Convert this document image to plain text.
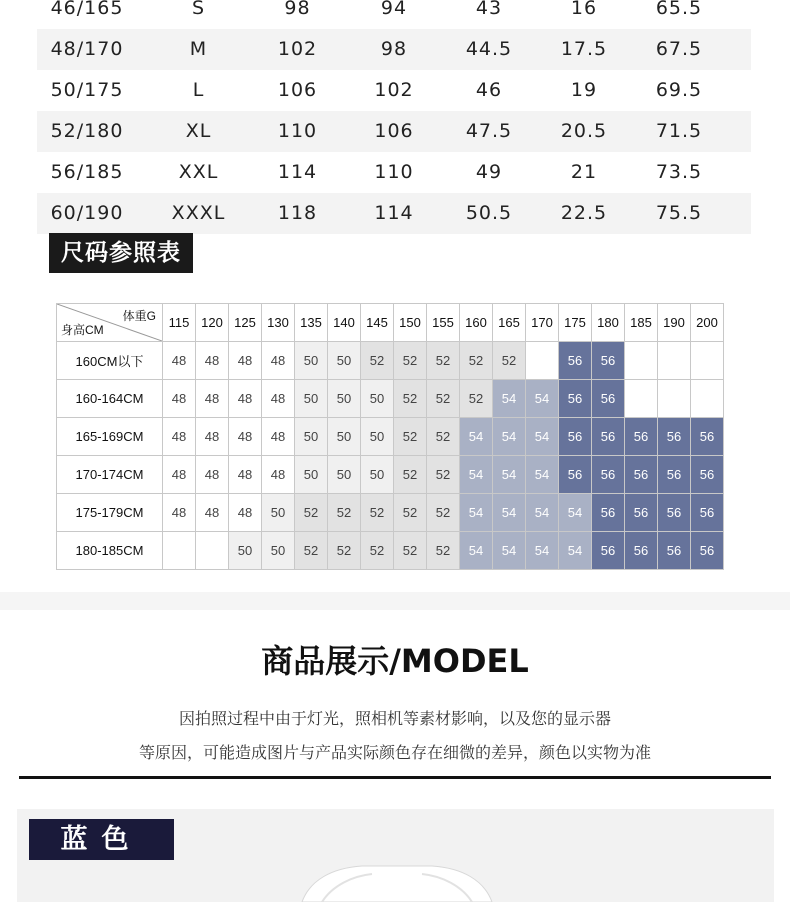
46/165	S	98	94	43	16	65.5
48/170	M	102	98	44.5	17.5	67.5
50/175	L	106	102	46	19	69.5
52/180	XL	110	106	47.5	20.5	71.5
56/185	XXL	114	110	49	21	73.5
60/190	XXXL	118	114	50.5	22.5	75.5
尺码参照表
体重G
身高CM	115	120	125	130	135	140	145	150	155	160	165	170	175	180	185	190	200
160CM以下	48	48	48	48	50	50	52	52	52	52	52		56	56			
160-164CM	48	48	48	48	50	50	50	52	52	52	54	54	56	56			
165-169CM	48	48	48	48	50	50	50	52	52	54	54	54	56	56	56	56	56
170-174CM	48	48	48	48	50	50	50	52	52	54	54	54	56	56	56	56	56
175-179CM	48	48	48	50	52	52	52	52	52	54	54	54	54	56	56	56	56
180-185CM			50	50	52	52	52	52	52	54	54	54	54	56	56	56	56
商品展示/MODEL
因拍照过程中由于灯光，照相机等素材影响，以及您的显示器
等原因，可能造成图片与产品实际颜色存在细微的差异，颜色以实物为准
蓝色
